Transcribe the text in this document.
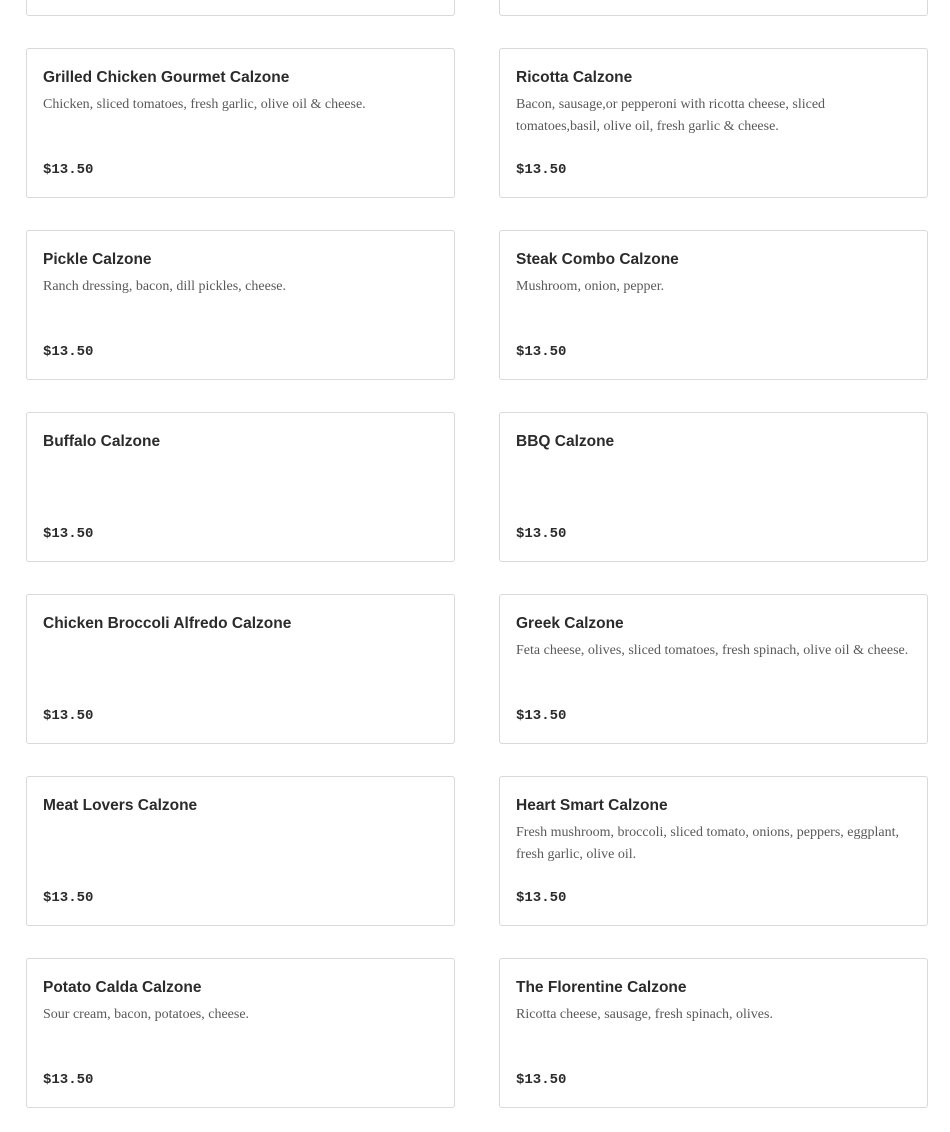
Grilled Chicken Gourmet Calzone
Chicken, sliced tomatoes, fresh garlic, olive oil & cheese.
$13.50
Ricotta Calzone
Bacon, sausage,or pepperoni with ricotta cheese, sliced tomatoes,basil, olive oil, fresh garlic & cheese.
$13.50
Pickle Calzone
Ranch dressing, bacon, dill pickles, cheese.
$13.50
Steak Combo Calzone
Mushroom, onion, pepper.
$13.50
Buffalo Calzone
$13.50
BBQ Calzone
$13.50
Chicken Broccoli Alfredo Calzone
$13.50
Greek Calzone
Feta cheese, olives, sliced tomatoes, fresh spinach, olive oil & cheese.
$13.50
Meat Lovers Calzone
$13.50
Heart Smart Calzone
Fresh mushroom, broccoli, sliced tomato, onions, peppers, eggplant, fresh garlic, olive oil.
$13.50
Potato Calda Calzone
Sour cream, bacon, potatoes, cheese.
$13.50
The Florentine Calzone
Ricotta cheese, sausage, fresh spinach, olives.
$13.50
